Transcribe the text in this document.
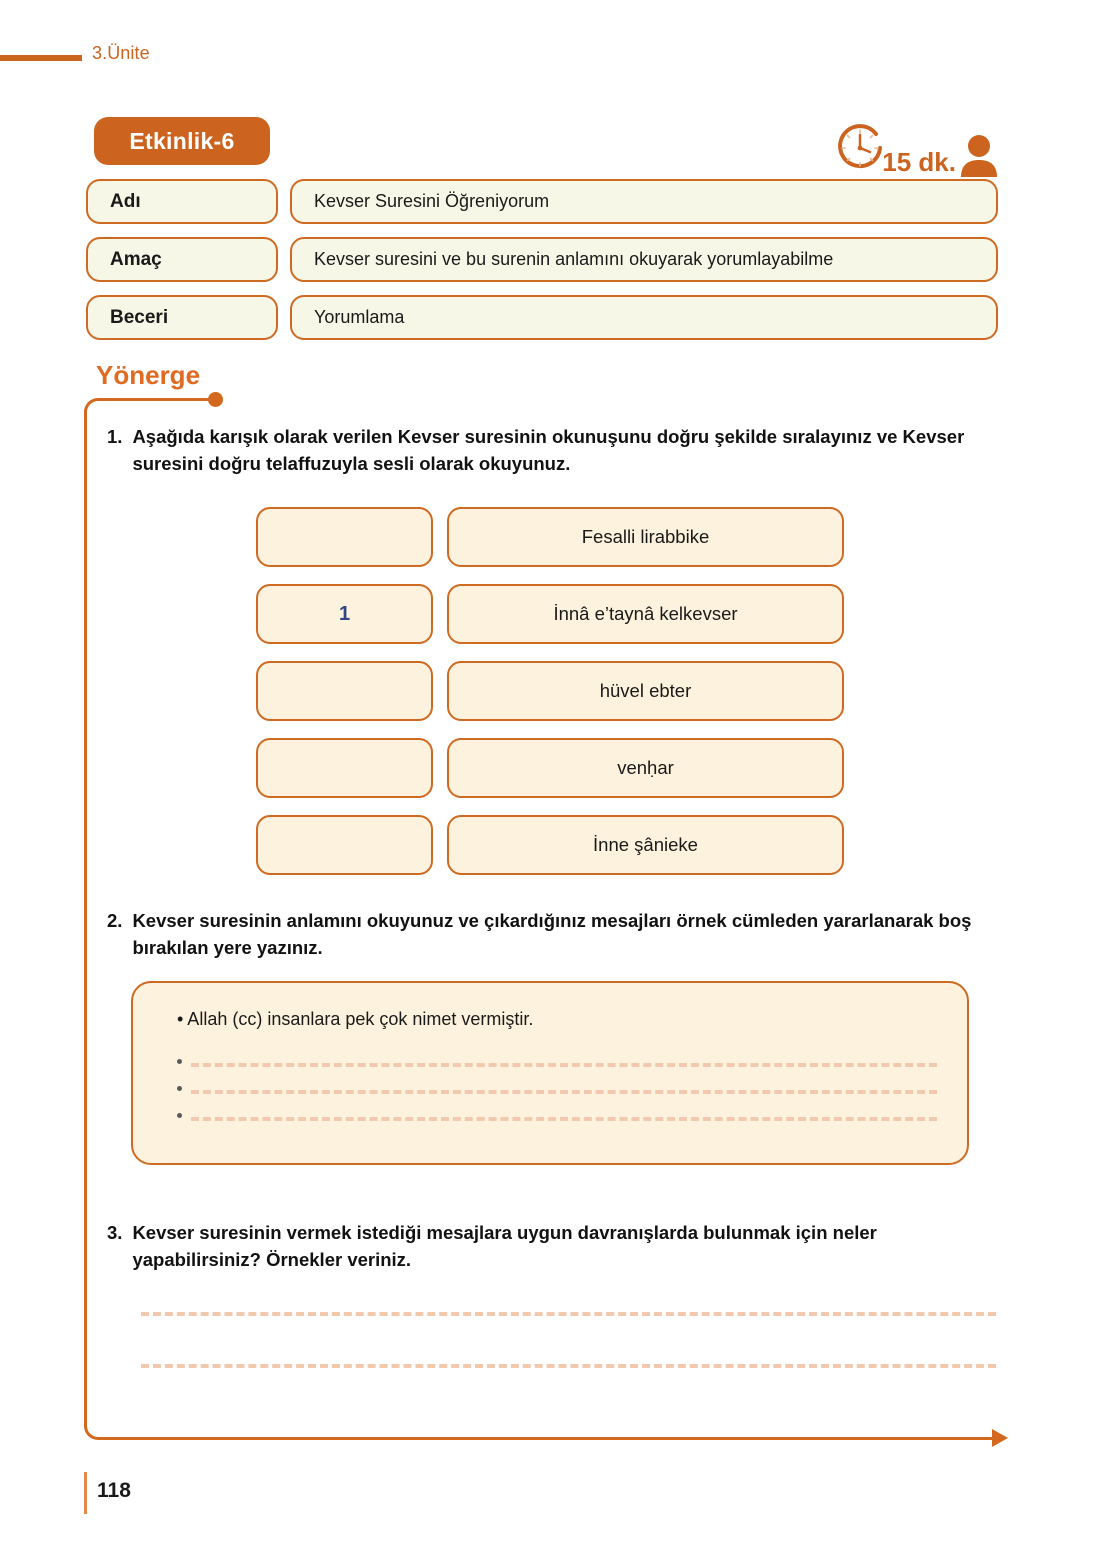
3.Ünite
Etkinlik-6
15 dk.
Adı	Kevser Suresini Öğreniyorum
Amaç	Kevser suresini ve bu surenin anlamını okuyarak yorumlayabilme
Beceri	Yorumlama
Yönerge
1. Aşağıda karışık olarak verilen Kevser suresinin okunuşunu doğru şekilde sıralayınız ve Kevser suresini doğru telaffuzuyla sesli olarak okuyunuz.
Fesalli lirabbike
1	İnnâ e’taynâ kelkevser
hüvel ebter
venḥar
İnne şânieke
2. Kevser suresinin anlamını okuyunuz ve çıkardığınız mesajları örnek cümleden yararlanarak boş bırakılan yere yazınız.
• Allah (cc) insanlara pek çok nimet vermiştir.
3. Kevser suresinin vermek istediği mesajlara uygun davranışlarda bulunmak için neler yapabilirsiniz? Örnekler veriniz.
118
